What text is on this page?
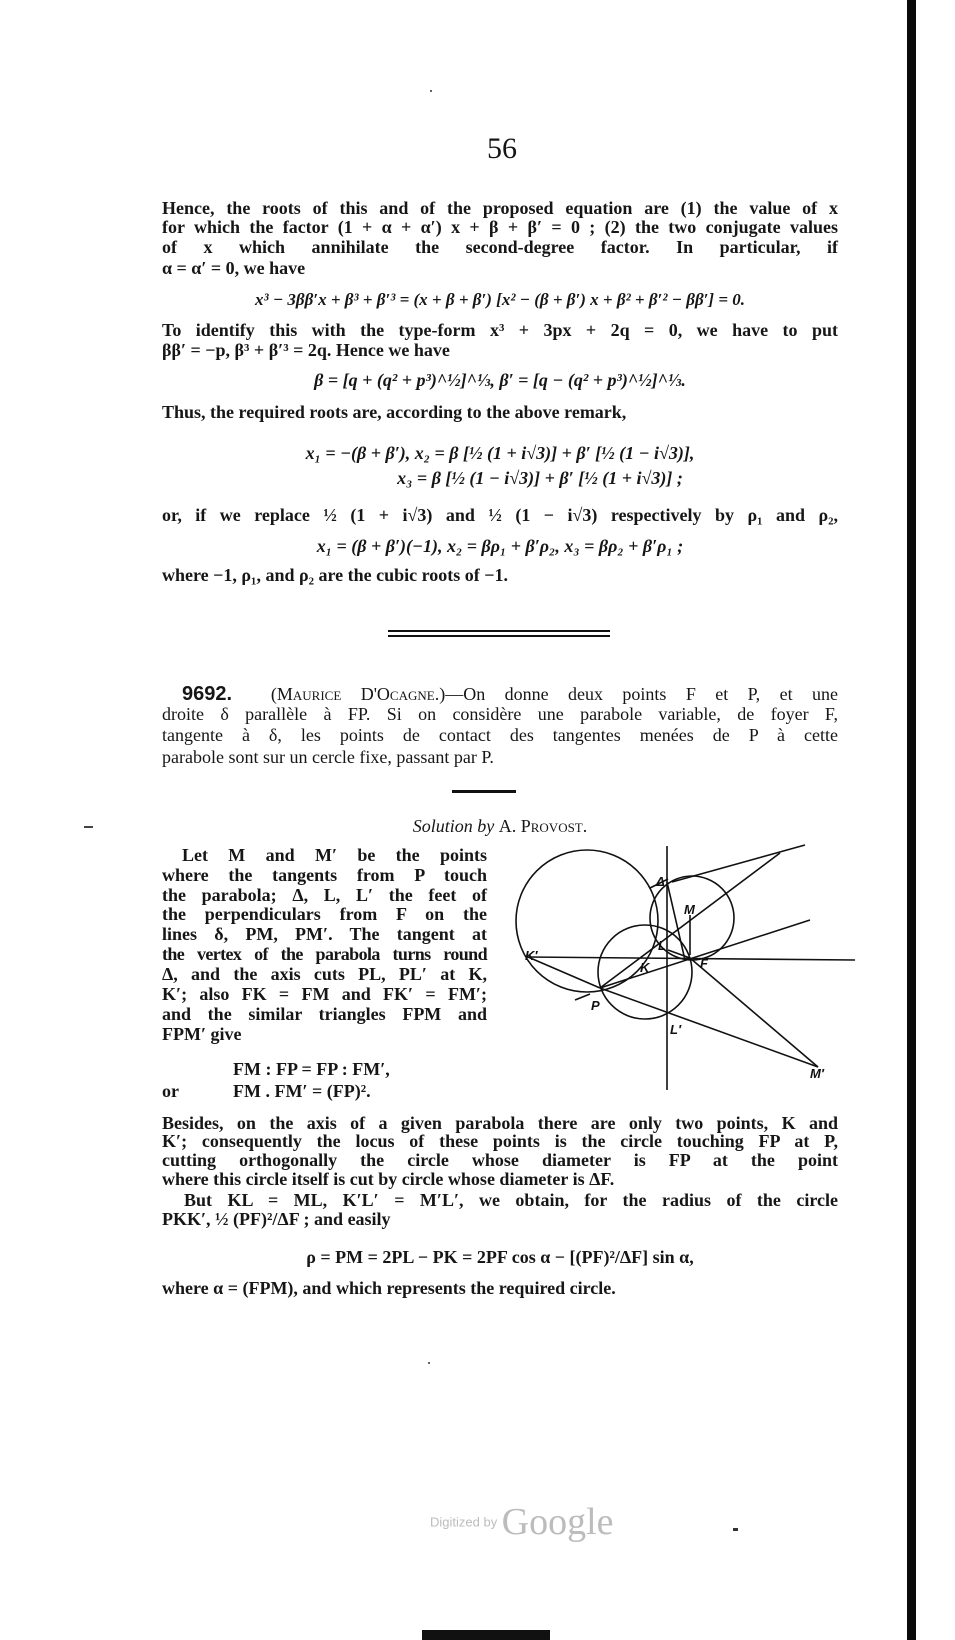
56
Hence, the roots of this and of the proposed equation are (1) the value of x
for which the factor (1 + α + α′) x + β + β′ = 0 ; (2) the two conjugate values
of x which annihilate the second-degree factor. In particular, if
α = α′ = 0, we have
x³ − 3ββ′x + β³ + β′³ = (x + β + β′) [x² − (β + β′) x + β² + β′² − ββ′] = 0.
To identify this with the type-form x³ + 3px + 2q = 0, we have to put
ββ′ = −p, β³ + β′³ = 2q. Hence we have
β = [q + (q² + p³)^½]^⅓, β′ = [q − (q² + p³)^½]^⅓.
Thus, the required roots are, according to the above remark,
x₁ = −(β + β′), x₂ = β [½ (1 + i√3)] + β′ [½ (1 − i√3)],
x₃ = β [½ (1 − i√3)] + β′ [½ (1 + i√3)] ;
or, if we replace ½ (1 + i√3) and ½ (1 − i√3) respectively by ρ₁ and ρ₂,
x₁ = (β + β′)(−1), x₂ = βρ₁ + β′ρ₂, x₃ = βρ₂ + β′ρ₁ ;
where −1, ρ₁, and ρ₂ are the cubic roots of −1.
9692. (Maurice D'Ocagne.)—On donne deux points F et P, et une
droite δ parallèle à FP. Si on considère une parabole variable, de foyer F,
tangente à δ, les points de contact des tangentes menées de P à cette
parabole sont sur un cercle fixe, passant par P.
Solution by A. Provost.
Let M and M′ be the points
where the tangents from P touch
the parabola; Δ, L, L′ the feet of
the perpendiculars from F on the
lines δ, PM, PM′. The tangent at
the vertex of the parabola turns round
Δ, and the axis cuts PL, PL′ at K,
K′; also FK = FM and FK′ = FM′;
and the similar triangles FPM and
FPM′ give
FM : FP = FP : FM′,
or	FM . FM′ = (FP)².
Δ
M
K′
L
K	F
P
L′
M′
Besides, on the axis of a given parabola there are only two points, K and
K′; consequently the locus of these points is the circle touching FP at P,
cutting orthogonally the circle whose diameter is FP at the point
where this circle itself is cut by circle whose diameter is ΔF.
But KL = ML, K′L′ = M′L′, we obtain, for the radius of the circle
PKK′, ½ (PF)²/ΔF ; and easily
ρ = PM = 2PL − PK = 2PF cos α − [(PF)²/ΔF] sin α,
where α = (FPM), and which represents the required circle.
Digitized by Google
